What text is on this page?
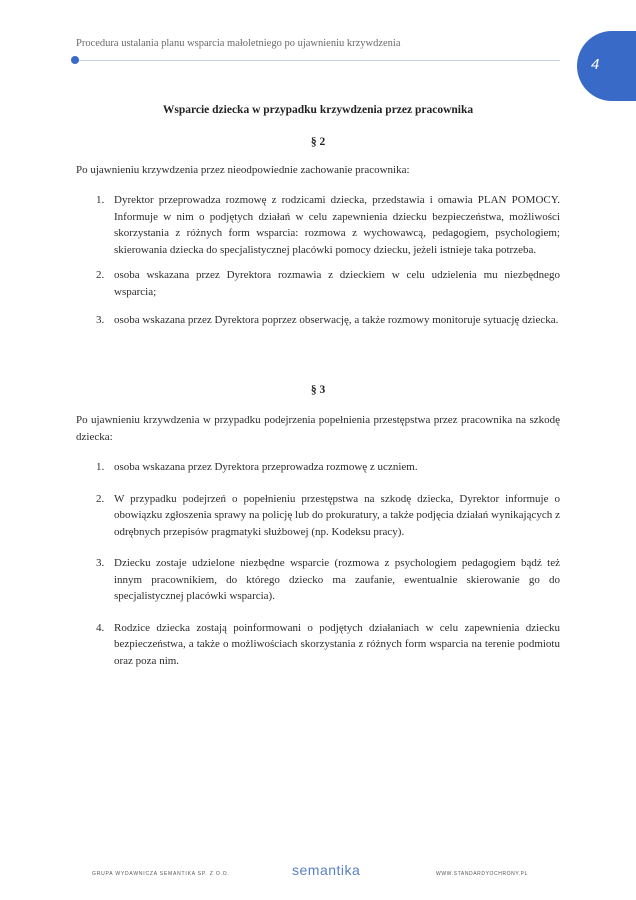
Procedura ustalania planu wsparcia małoletniego po ujawnieniu krzywdzenia
4
Wsparcie dziecka w przypadku krzywdzenia przez pracownika
§ 2

Po ujawnieniu krzywdzenia przez nieodpowiednie zachowanie pracownika:

1. Dyrektor przeprowadza rozmowę z rodzicami dziecka, przedstawia i omawia PLAN POMOCY. Informuje w nim o podjętych działań w celu zapewnienia dziecku bezpieczeństwa, możliwości skorzystania z różnych form wsparcia: rozmowa z wychowawcą, pedagogiem, psychologiem; skierowania dziecka do specjalistycznej placówki pomocy dziecku, jeżeli istnieje taka potrzeba.
2. osoba wskazana przez Dyrektora rozmawia z dzieckiem w celu udzielenia mu niezbędnego wsparcia;
3. osoba wskazana przez Dyrektora poprzez obserwację, a także rozmowy monitoruje sytuację dziecka.
§ 3

Po ujawnieniu krzywdzenia w przypadku podejrzenia popełnienia przestępstwa przez pracownika na szkodę dziecka:

1. osoba wskazana przez Dyrektora przeprowadza rozmowę z uczniem.
2. W przypadku podejrzeń o popełnieniu przestępstwa na szkodę dziecka, Dyrektor informuje o obowiązku zgłoszenia sprawy na policję lub do prokuratury, a także podjęcia działań wynikających z odrębnych przepisów pragmatyki służbowej (np. Kodeksu pracy).
3. Dziecku zostaje udzielone niezbędne wsparcie (rozmowa z psychologiem pedagogiem bądź też innym pracownikiem, do którego dziecko ma zaufanie, ewentualnie skierowanie go do specjalistycznej placówki wsparcia).
4. Rodzice dziecka zostają poinformowani o podjętych działaniach w celu zapewnienia dziecku bezpieczeństwa, a także o możliwościach skorzystania z różnych form wsparcia na terenie podmiotu oraz poza nim.
GRUPA WYDAWNICZA SEMANTIKA SP. Z O.O.	semantika	WWW.STANDARDYOCHRONY.PL
